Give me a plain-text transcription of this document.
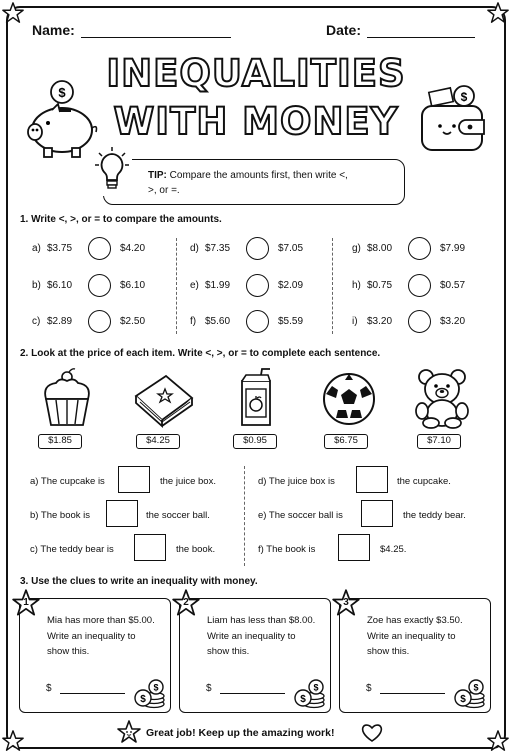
Name:	Date:
INEQUALITIES
WITH MONEY
$	$
TIP: Compare the amounts first, then write <,
>, or =.
1. Write <, >, or = to compare the amounts.
a) $3.75	$4.20	d) $7.35	$7.05	g) $8.00	$7.99
b) $6.10	$6.10	e) $1.99	$2.09	h) $0.75	$0.57
c) $2.89	$2.50	f) $5.60	$5.59	i) $3.20	$3.20
2. Look at the price of each item. Write <, >, or = to complete each sentence.
$1.85	$4.25	$0.95	$6.75	$7.10
a) The cupcake is	the juice box.
b) The book is	the soccer ball.
c) The teddy bear is	the book.
d) The juice box is	the cupcake.
e) The soccer ball is	the teddy bear.
f) The book is	$4.25.
3. Use the clues to write an inequality with money.
1
Mia has more than $5.00.
Write an inequality to
show this.
$
$
$
2
Liam has less than $8.00.
Write an inequality to
show this.
$
$
$
3
Zoe has exactly $3.50.
Write an inequality to
show this.
$
$
$
Great job! Keep up the amazing work!
